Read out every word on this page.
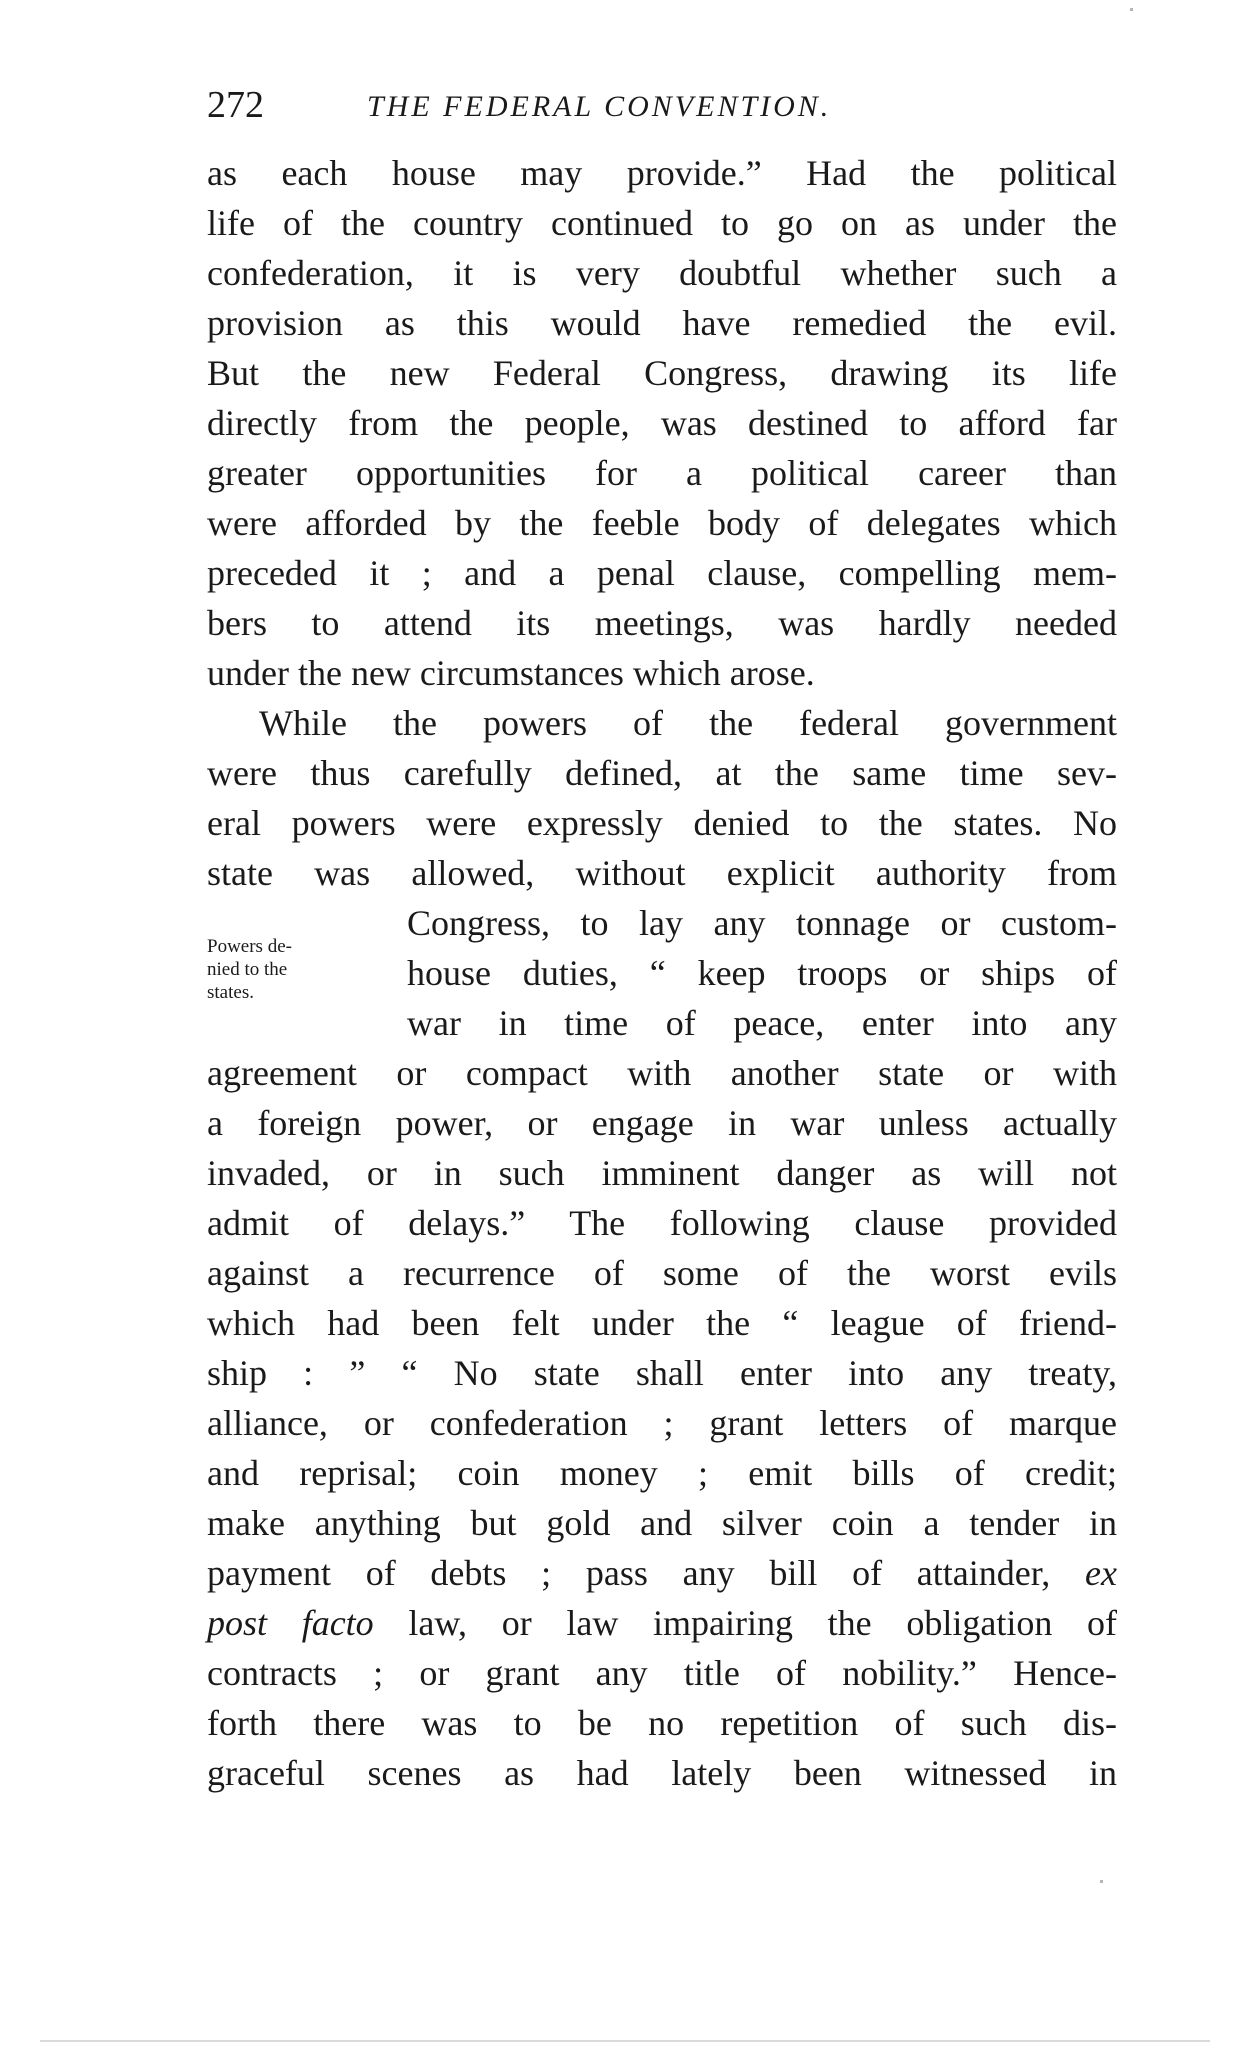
272	THE FEDERAL CONVENTION.
Powers de-
nied to the
states.
as each house may provide.” Had the political
life of the country continued to go on as under the
confederation, it is very doubtful whether such a
provision as this would have remedied the evil.
But the new Federal Congress, drawing its life
directly from the people, was destined to afford far
greater opportunities for a political career than
were afforded by the feeble body of delegates which
preceded it ; and a penal clause, compelling mem-
bers to attend its meetings, was hardly needed
under the new circumstances which arose.
While the powers of the federal government
were thus carefully defined, at the same time sev-
eral powers were expressly denied to the states. No
state was allowed, without explicit authority from
Congress, to lay any tonnage or custom-
house duties, “ keep troops or ships of
war in time of peace, enter into any
agreement or compact with another state or with
a foreign power, or engage in war unless actually
invaded, or in such imminent danger as will not
admit of delays.” The following clause provided
against a recurrence of some of the worst evils
which had been felt under the “ league of friend-
ship : ” “ No state shall enter into any treaty,
alliance, or confederation ; grant letters of marque
and reprisal; coin money ; emit bills of credit;
make anything but gold and silver coin a tender in
payment of debts ; pass any bill of attainder, ex
post facto law, or law impairing the obligation of
contracts ; or grant any title of nobility.” Hence-
forth there was to be no repetition of such dis-
graceful scenes as had lately been witnessed in
